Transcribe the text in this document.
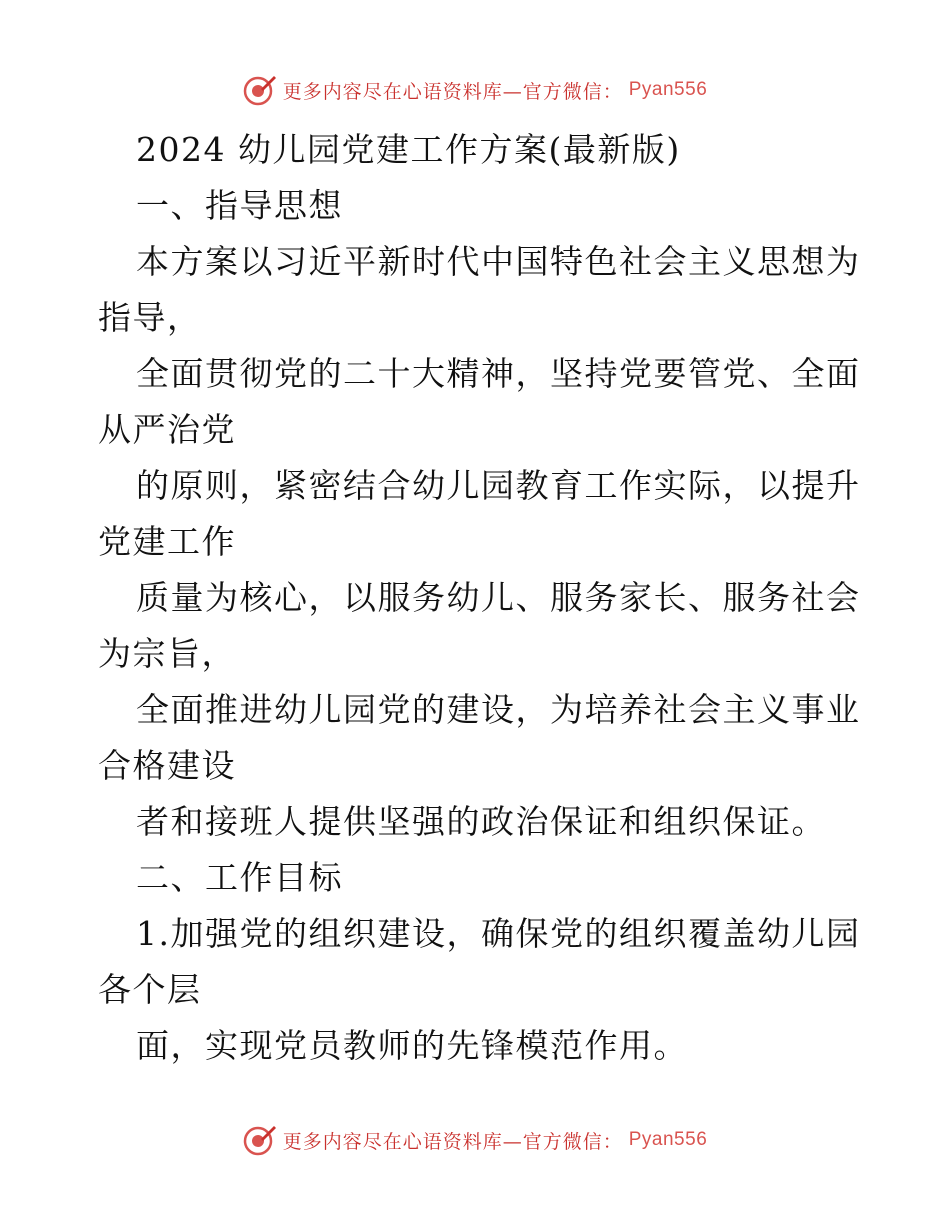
更多内容尽在心语资料库—官方微信： Pyan556
2024 幼儿园党建工作方案(最新版)
一、指导思想
本方案以习近平新时代中国特色社会主义思想为
指导，
全面贯彻党的二十大精神，坚持党要管党、全面
从严治党
的原则，紧密结合幼儿园教育工作实际，以提升
党建工作
质量为核心，以服务幼儿、服务家长、服务社会
为宗旨，
全面推进幼儿园党的建设，为培养社会主义事业
合格建设
者和接班人提供坚强的政治保证和组织保证。
二、工作目标
1.加强党的组织建设，确保党的组织覆盖幼儿园
各个层
面，实现党员教师的先锋模范作用。
更多内容尽在心语资料库—官方微信： Pyan556
